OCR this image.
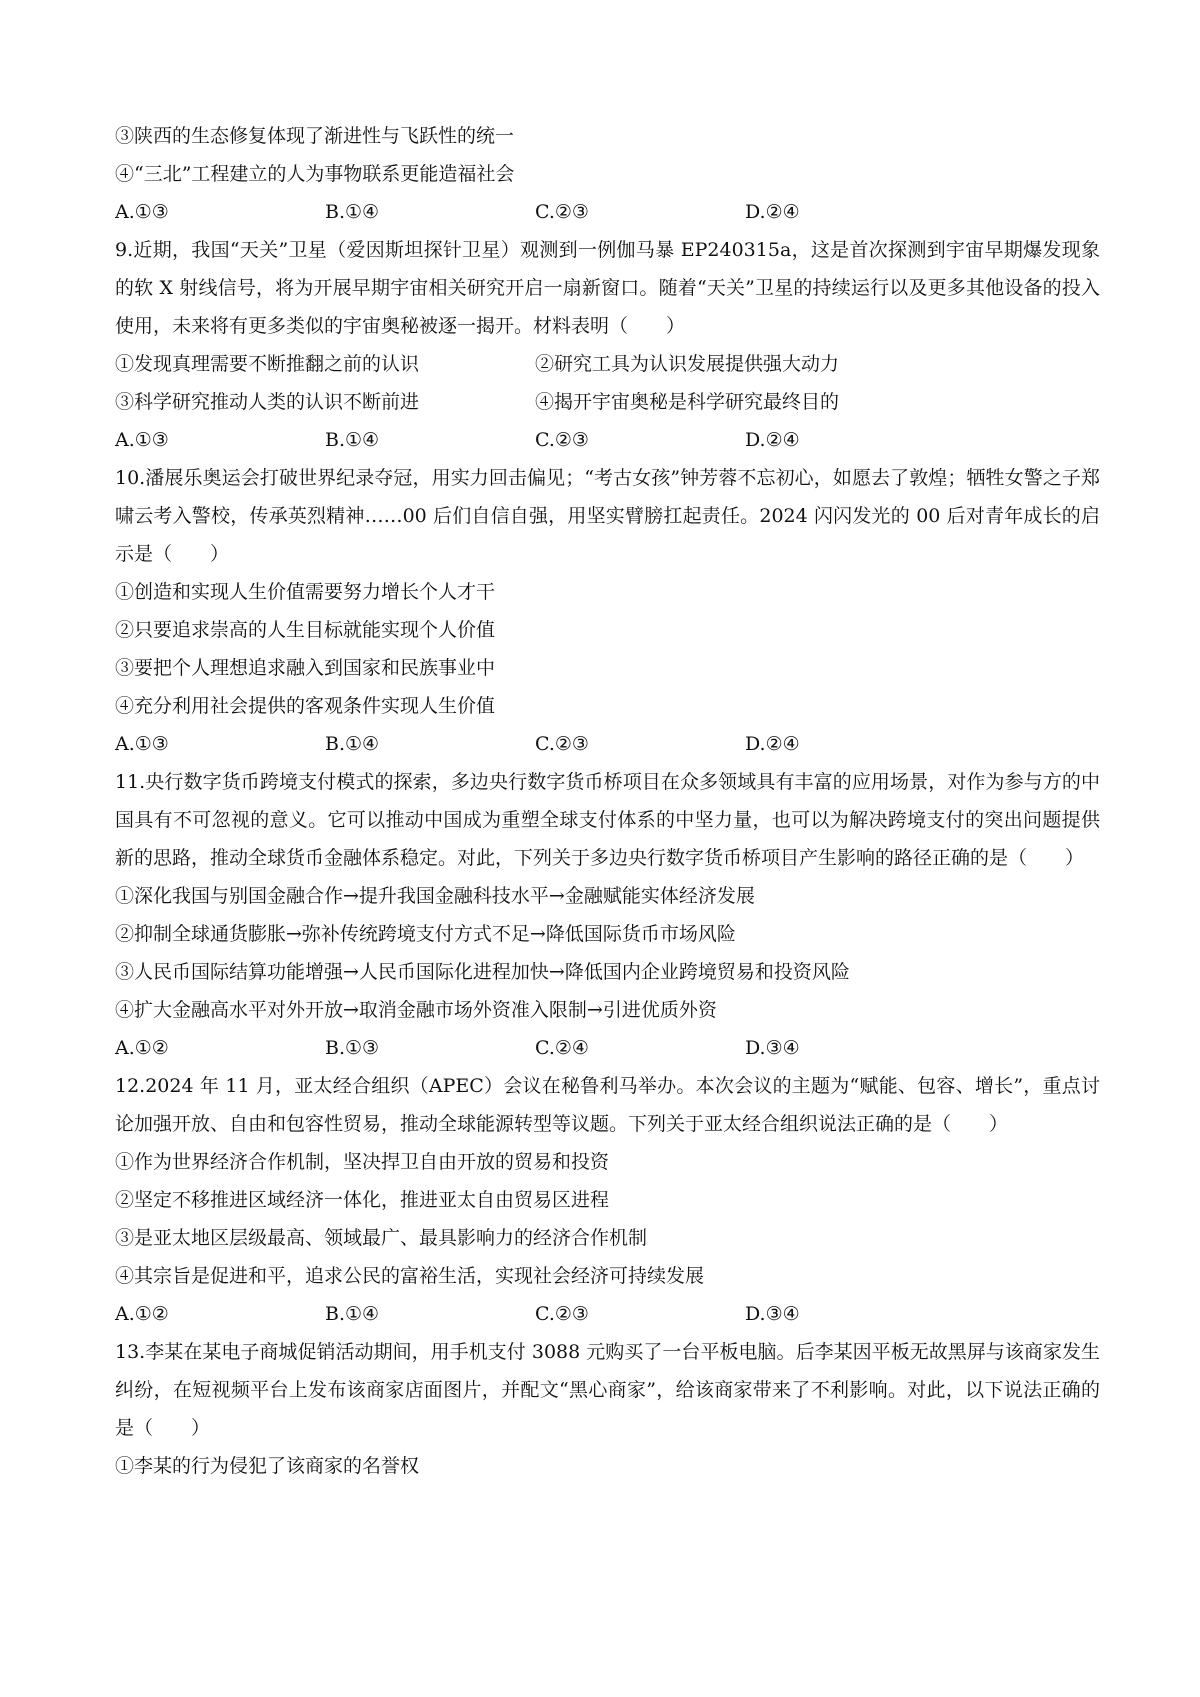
③陕西的生态修复体现了渐进性与飞跃性的统一
④“三北”工程建立的人为事物联系更能造福社会
A.①③	B.①④	C.②③	D.②④
9.近期，我国“天关”卫星（爱因斯坦探针卫星）观测到一例伽马暴 EP240315a，这是首次探测到宇宙早期爆发现象的软 X 射线信号，将为开展早期宇宙相关研究开启一扇新窗口。随着“天关”卫星的持续运行以及更多其他设备的投入使用，未来将有更多类似的宇宙奥秘被逐一揭开。材料表明（　　）
①发现真理需要不断推翻之前的认识	②研究工具为认识发展提供强大动力
③科学研究推动人类的认识不断前进	④揭开宇宙奥秘是科学研究最终目的
A.①③	B.①④	C.②③	D.②④
10.潘展乐奥运会打破世界纪录夺冠，用实力回击偏见；“考古女孩”钟芳蓉不忘初心，如愿去了敦煌；牺牲女警之子郑啸云考入警校，传承英烈精神……00 后们自信自强，用坚实臂膀扛起责任。2024 闪闪发光的 00 后对青年成长的启示是（　　）
①创造和实现人生价值需要努力增长个人才干
②只要追求崇高的人生目标就能实现个人价值
③要把个人理想追求融入到国家和民族事业中
④充分利用社会提供的客观条件实现人生价值
A.①③	B.①④	C.②③	D.②④
11.央行数字货币跨境支付模式的探索，多边央行数字货币桥项目在众多领域具有丰富的应用场景，对作为参与方的中国具有不可忽视的意义。它可以推动中国成为重塑全球支付体系的中坚力量，也可以为解决跨境支付的突出问题提供新的思路，推动全球货币金融体系稳定。对此，下列关于多边央行数字货币桥项目产生影响的路径正确的是（　　）
①深化我国与别国金融合作→提升我国金融科技水平→金融赋能实体经济发展
②抑制全球通货膨胀→弥补传统跨境支付方式不足→降低国际货币市场风险
③人民币国际结算功能增强→人民币国际化进程加快→降低国内企业跨境贸易和投资风险
④扩大金融高水平对外开放→取消金融市场外资准入限制→引进优质外资
A.①②	B.①③	C.②④	D.③④
12.2024 年 11 月，亚太经合组织（APEC）会议在秘鲁利马举办。本次会议的主题为“赋能、包容、增长”，重点讨论加强开放、自由和包容性贸易，推动全球能源转型等议题。下列关于亚太经合组织说法正确的是（　　）
①作为世界经济合作机制，坚决捍卫自由开放的贸易和投资
②坚定不移推进区域经济一体化，推进亚太自由贸易区进程
③是亚太地区层级最高、领域最广、最具影响力的经济合作机制
④其宗旨是促进和平，追求公民的富裕生活，实现社会经济可持续发展
A.①②	B.①④	C.②③	D.③④
13.李某在某电子商城促销活动期间，用手机支付 3088 元购买了一台平板电脑。后李某因平板无故黑屏与该商家发生纠纷，在短视频平台上发布该商家店面图片，并配文“黑心商家”，给该商家带来了不利影响。对此，以下说法正确的是（　　）
①李某的行为侵犯了该商家的名誉权
